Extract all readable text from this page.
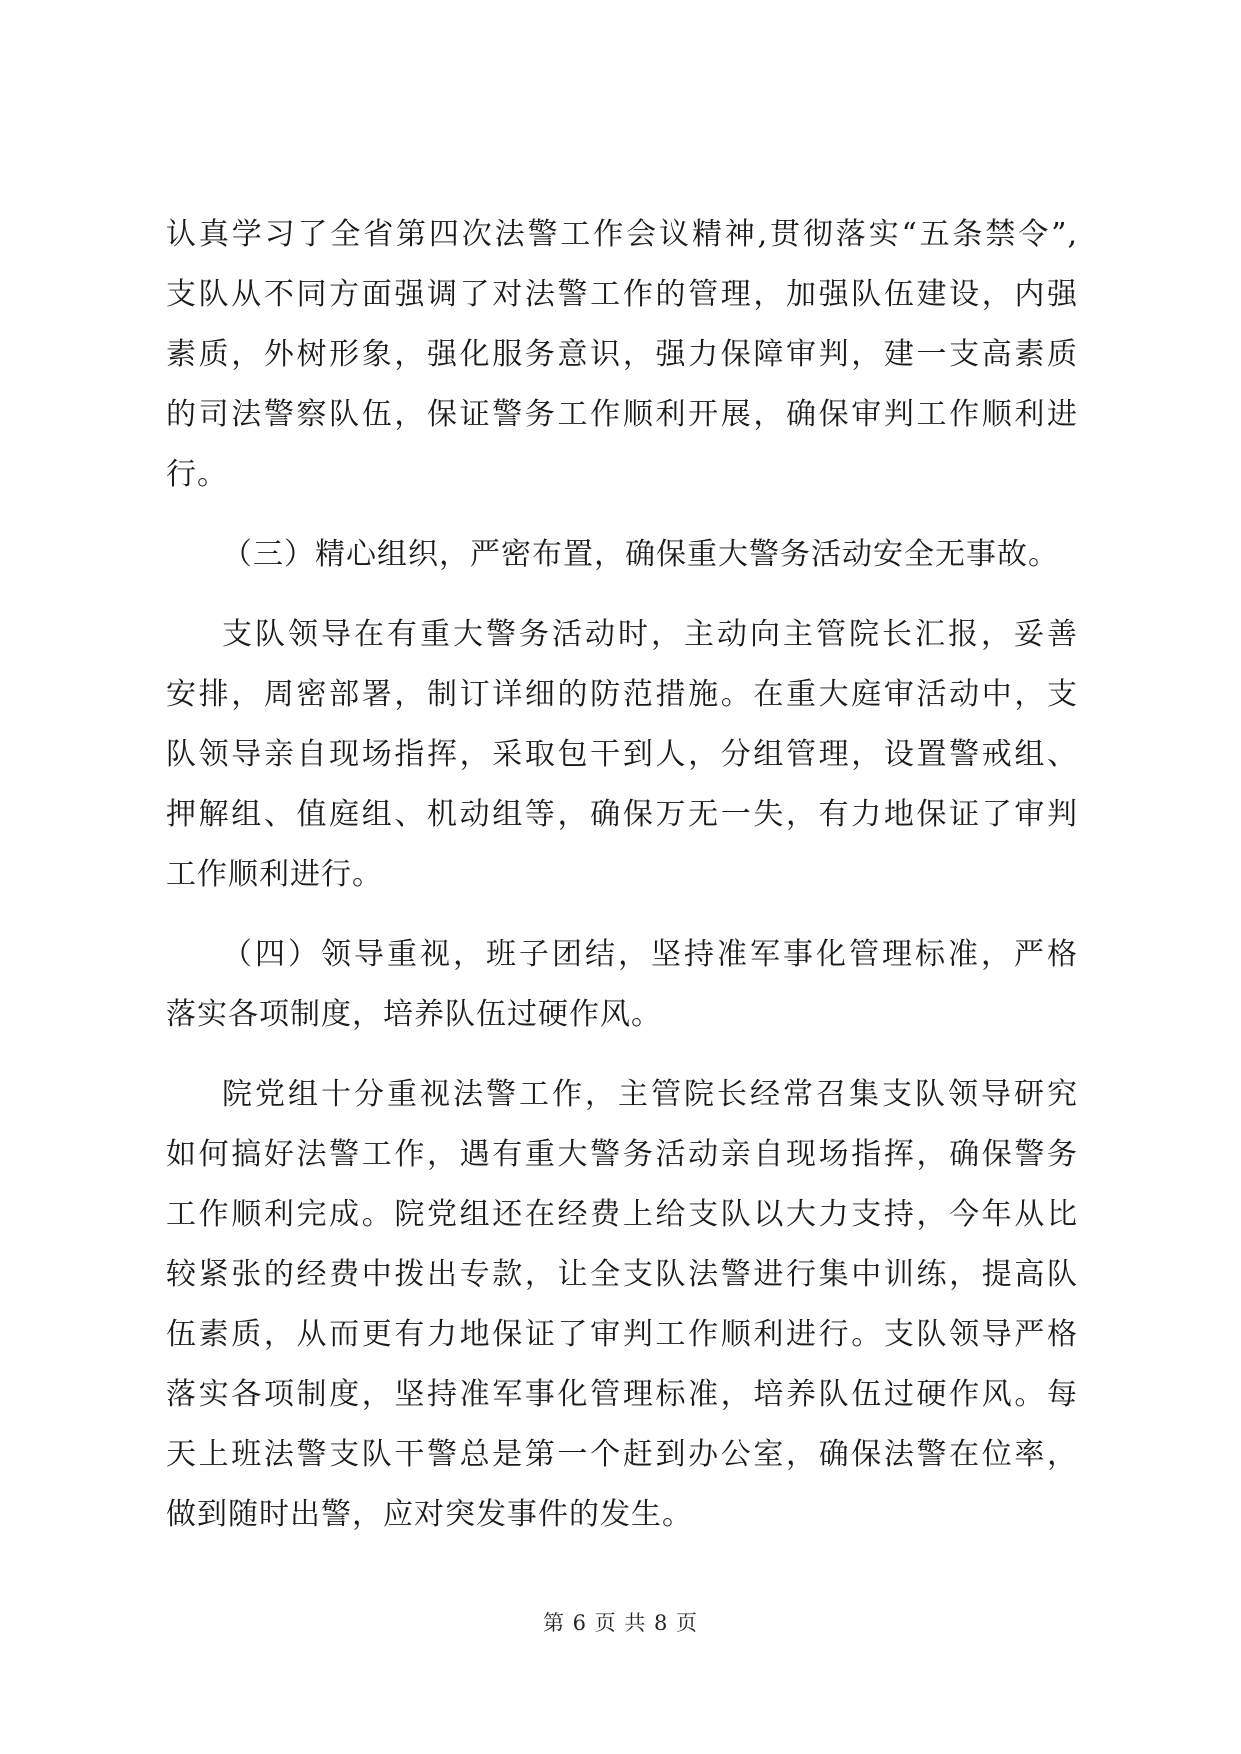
认真学习了全省第四次法警工作会议精神,贯彻落实“五条禁令”,
支队从不同方面强调了对法警工作的管理，加强队伍建设，内强
素质，外树形象，强化服务意识，强力保障审判，建一支高素质
的司法警察队伍，保证警务工作顺利开展，确保审判工作顺利进
行。
（三）精心组织，严密布置，确保重大警务活动安全无事故。
支队领导在有重大警务活动时，主动向主管院长汇报，妥善
安排，周密部署，制订详细的防范措施。在重大庭审活动中，支
队领导亲自现场指挥，采取包干到人，分组管理，设置警戒组、
押解组、值庭组、机动组等，确保万无一失，有力地保证了审判
工作顺利进行。
（四）领导重视，班子团结，坚持准军事化管理标准，严格
落实各项制度，培养队伍过硬作风。
院党组十分重视法警工作，主管院长经常召集支队领导研究
如何搞好法警工作，遇有重大警务活动亲自现场指挥，确保警务
工作顺利完成。院党组还在经费上给支队以大力支持，今年从比
较紧张的经费中拨出专款，让全支队法警进行集中训练，提高队
伍素质，从而更有力地保证了审判工作顺利进行。支队领导严格
落实各项制度，坚持准军事化管理标准，培养队伍过硬作风。每
天上班法警支队干警总是第一个赶到办公室，确保法警在位率，
做到随时出警，应对突发事件的发生。
第 6 页 共 8 页
